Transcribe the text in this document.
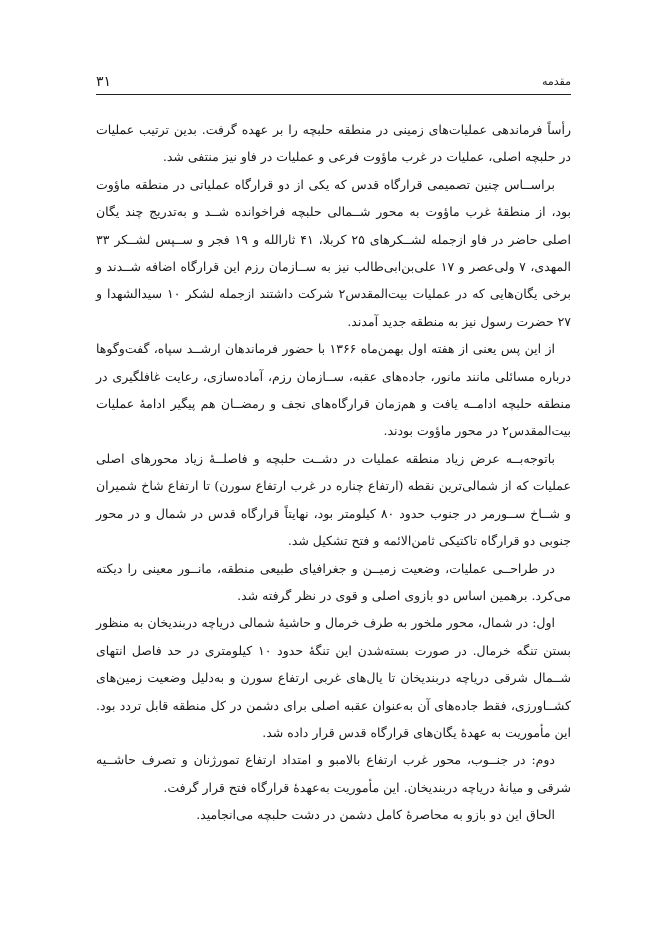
۳۱	مقدمه

رأساً فرماندهی عملیات‌های زمینی در منطقه حلبچه را بر عهده گرفت. بدین ترتیب عملیات در حلبچه اصلی، عملیات در غرب ماؤوت فرعی و عملیات در فاو نیز منتفی شد.

براســاس چنین تصمیمی قرارگاه قدس که یکی از دو قرارگاه عملیاتی در منطقه ماؤوت بود، از منطقهٔ غرب ماؤوت به محور شــمالی حلبچه فراخوانده شــد و به‌تدریج چند یگان اصلی حاضر در فاو ازجمله لشــکرهای ۲۵ کربلا، ۴۱ ثارالله و ۱۹ فجر و ســپس لشــکر ۳۳ المهدی، ۷ ولی‌عصر و ۱۷ علی‌بن‌ابی‌طالب نیز به ســازمان رزم این قرارگاه اضافه شــدند و برخی یگان‌هایی که در عملیات بیت‌المقدس۲ شرکت داشتند ازجمله لشکر ۱۰ سیدالشهدا و ۲۷ حضرت رسول نیز به منطقه جدید آمدند.

از این پس یعنی از هفته اول بهمن‌ماه ۱۳۶۶ با حضور فرماندهان ارشــد سپاه، گفت‌وگوها درباره مسائلی مانند مانور، جاده‌های عقبه، ســازمان رزم، آماده‌سازی، رعایت غافلگیری در منطقه حلبچه ادامــه یافت و هم‌زمان قرارگاه‌های نجف و رمضــان هم پیگیر ادامهٔ عملیات بیت‌المقدس۲ در محور ماؤوت بودند.

باتوجه‌بــه عرض زیاد منطقه عملیات در دشــت حلبچه و فاصلــهٔ زیاد محورهای اصلی عملیات که از شمالی‌ترین نقطه (ارتفاع چناره در غرب ارتفاع سورن) تا ارتفاع شاخ شمیران و شــاخ ســورمر در جنوب حدود ۸۰ کیلومتر بود، نهایتاً قرارگاه قدس در شمال و در محور جنوبی دو قرارگاه تاکتیکی ثامن‌الائمه و فتح تشکیل شد.

در طراحــی عملیات، وضعیت زمیــن و جغرافیای طبیعی منطقه، مانــور معینی را دیکته می‌کرد. برهمین اساس دو بازوی اصلی و قوی در نظر گرفته شد.

اول: در شمال، محور ملخور به طرف خرمال و حاشیهٔ شمالی دریاچه دربندیخان به منظور بستن تنگه خرمال. در صورت بسته‌شدن این تنگهٔ حدود ۱۰ کیلومتری در حد فاصل انتهای شــمال شرقی دریاچه دربندیخان تا یال‌های غربی ارتفاع سورن و به‌دلیل وضعیت زمین‌های کشــاورزی، فقط جاده‌های آن به‌عنوان عقبه اصلی برای دشمن در کل منطقه قابل تردد بود. این مأموریت به عهدهٔ یگان‌های قرارگاه قدس قرار داده شد.

دوم: در جنــوب، محور غرب ارتفاع بالامبو و امتداد ارتفاع تمورژنان و تصرف حاشــیه شرقی و میانهٔ دریاچه دربندیخان. این مأموریت به‌عهدهٔ قرارگاه فتح قرار گرفت.

الحاق این دو بازو به محاصرهٔ کامل دشمن در دشت حلبچه می‌انجامید.
